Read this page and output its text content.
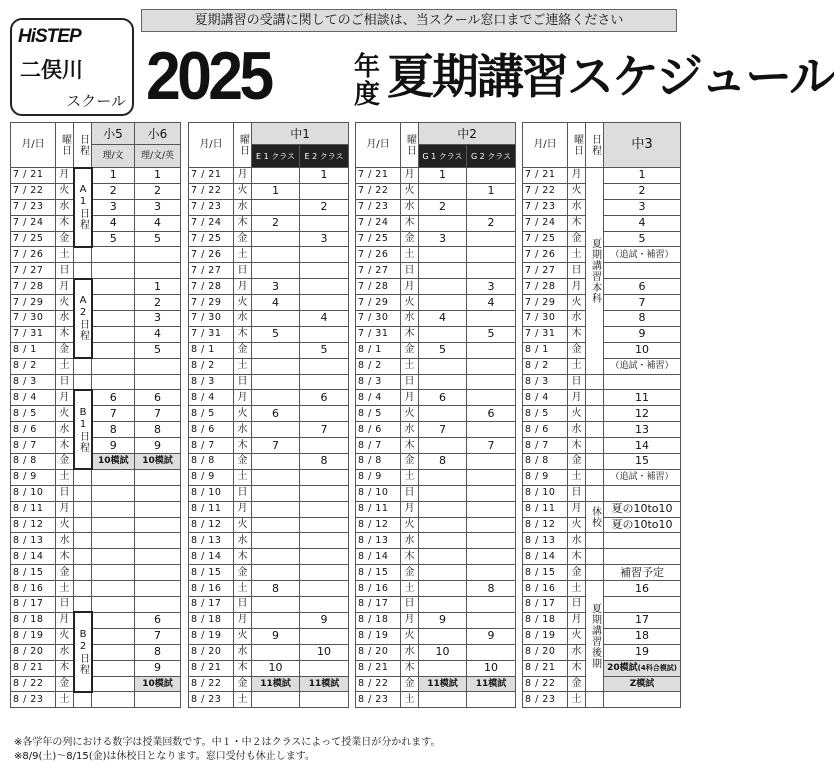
HiSTEP
二俣川
スクール
夏期講習の受講に関してのご相談は、当スクール窓口までご連絡ください
2025	年
度 夏期講習スケジュール
月/日	曜日	日程	小5	小6
			理/文	理/文/英
7 / 21	月	A1日程	1	1
7 / 22	火		2	2
7 / 23	水		3	3
7 / 24	木		4	4
7 / 25	金		5	5
7 / 26	土			
7 / 27	日			
7 / 28	月	A2日程		1
7 / 29	火			2
7 / 30	水			3
7 / 31	木			4
8 / 1	金			5
8 / 2	土			
8 / 3	日			
8 / 4	月	B1日程	6	6
8 / 5	火		7	7
8 / 6	水		8	8
8 / 7	木		9	9
8 / 8	金		10模試	10模試
8 / 9	土			
8 / 10	日			
8 / 11	月			
8 / 12	火			
8 / 13	水			
8 / 14	木			
8 / 15	金			
8 / 16	土			
8 / 17	日			
8 / 18	月	B2日程		6
8 / 19	火			7
8 / 20	水			8
8 / 21	木			9
8 / 22	金			10模試
8 / 23	土			
月/日	曜日	中1	
		E 1 クラス	E 2 クラス
7 / 21	月		1
7 / 22	火	1	
7 / 23	水		2
7 / 24	木	2	
7 / 25	金		3
7 / 26	土		
7 / 27	日		
7 / 28	月	3	
7 / 29	火	4	
7 / 30	水		4
7 / 31	木	5	
8 / 1	金		5
8 / 2	土		
8 / 3	日		
8 / 4	月		6
8 / 5	火	6	
8 / 6	水		7
8 / 7	木	7	
8 / 8	金		8
8 / 9	土		
8 / 10	日		
8 / 11	月		
8 / 12	火		
8 / 13	水		
8 / 14	木		
8 / 15	金		
8 / 16	土	8	
8 / 17	日		
8 / 18	月		9
8 / 19	火	9	
8 / 20	水		10
8 / 21	木	10	
8 / 22	金	11模試	11模試
8 / 23	土		
月/日	曜日	中2	
		G 1 クラス	G 2 クラス
7 / 21	月	1	
7 / 22	火		1
7 / 23	水	2	
7 / 24	木		2
7 / 25	金	3	
7 / 26	土		
7 / 27	日		
7 / 28	月		3
7 / 29	火		4
7 / 30	水	4	
7 / 31	木		5
8 / 1	金	5	
8 / 2	土		
8 / 3	日		
8 / 4	月	6	
8 / 5	火		6
8 / 6	水	7	
8 / 7	木		7
8 / 8	金	8	
8 / 9	土		
8 / 10	日		
8 / 11	月		
8 / 12	火		
8 / 13	水		
8 / 14	木		
8 / 15	金		
8 / 16	土		8
8 / 17	日		
8 / 18	月	9	
8 / 19	火		9
8 / 20	水	10	
8 / 21	木		10
8 / 22	金	11模試	11模試
8 / 23	土		
月/日	曜日	日程	中3
7 / 21	月	夏期講習本科	1
7 / 22	火		2
7 / 23	水		3
7 / 24	木		4
7 / 25	金		5
7 / 26	土		（追試・補習）
7 / 27	日		
7 / 28	月		6
7 / 29	火		7
7 / 30	水		8
7 / 31	木		9
8 / 1	金		10
8 / 2	土		（追試・補習）
8 / 3	日		
8 / 4	月		11
8 / 5	火		12
8 / 6	水		13
8 / 7	木		14
8 / 8	金		15
8 / 9	土		（追試・補習）
8 / 10	日		
8 / 11	月	休校	夏の10to10
8 / 12	火		夏の10to10
8 / 13	水		
8 / 14	木		
8 / 15	金		補習予定
8 / 16	土	夏期講習後期	16
8 / 17	日		
8 / 18	月		17
8 / 19	火		18
8 / 20	水		19
8 / 21	木		20模試(4科合模試)
8 / 22	金		Z模試
8 / 23	土		
※各学年の列における数字は授業回数です。中１・中２はクラスによって授業日が分かれます。
※8/9(土)～8/15(金)は休校日となります。窓口受付も休止します。
